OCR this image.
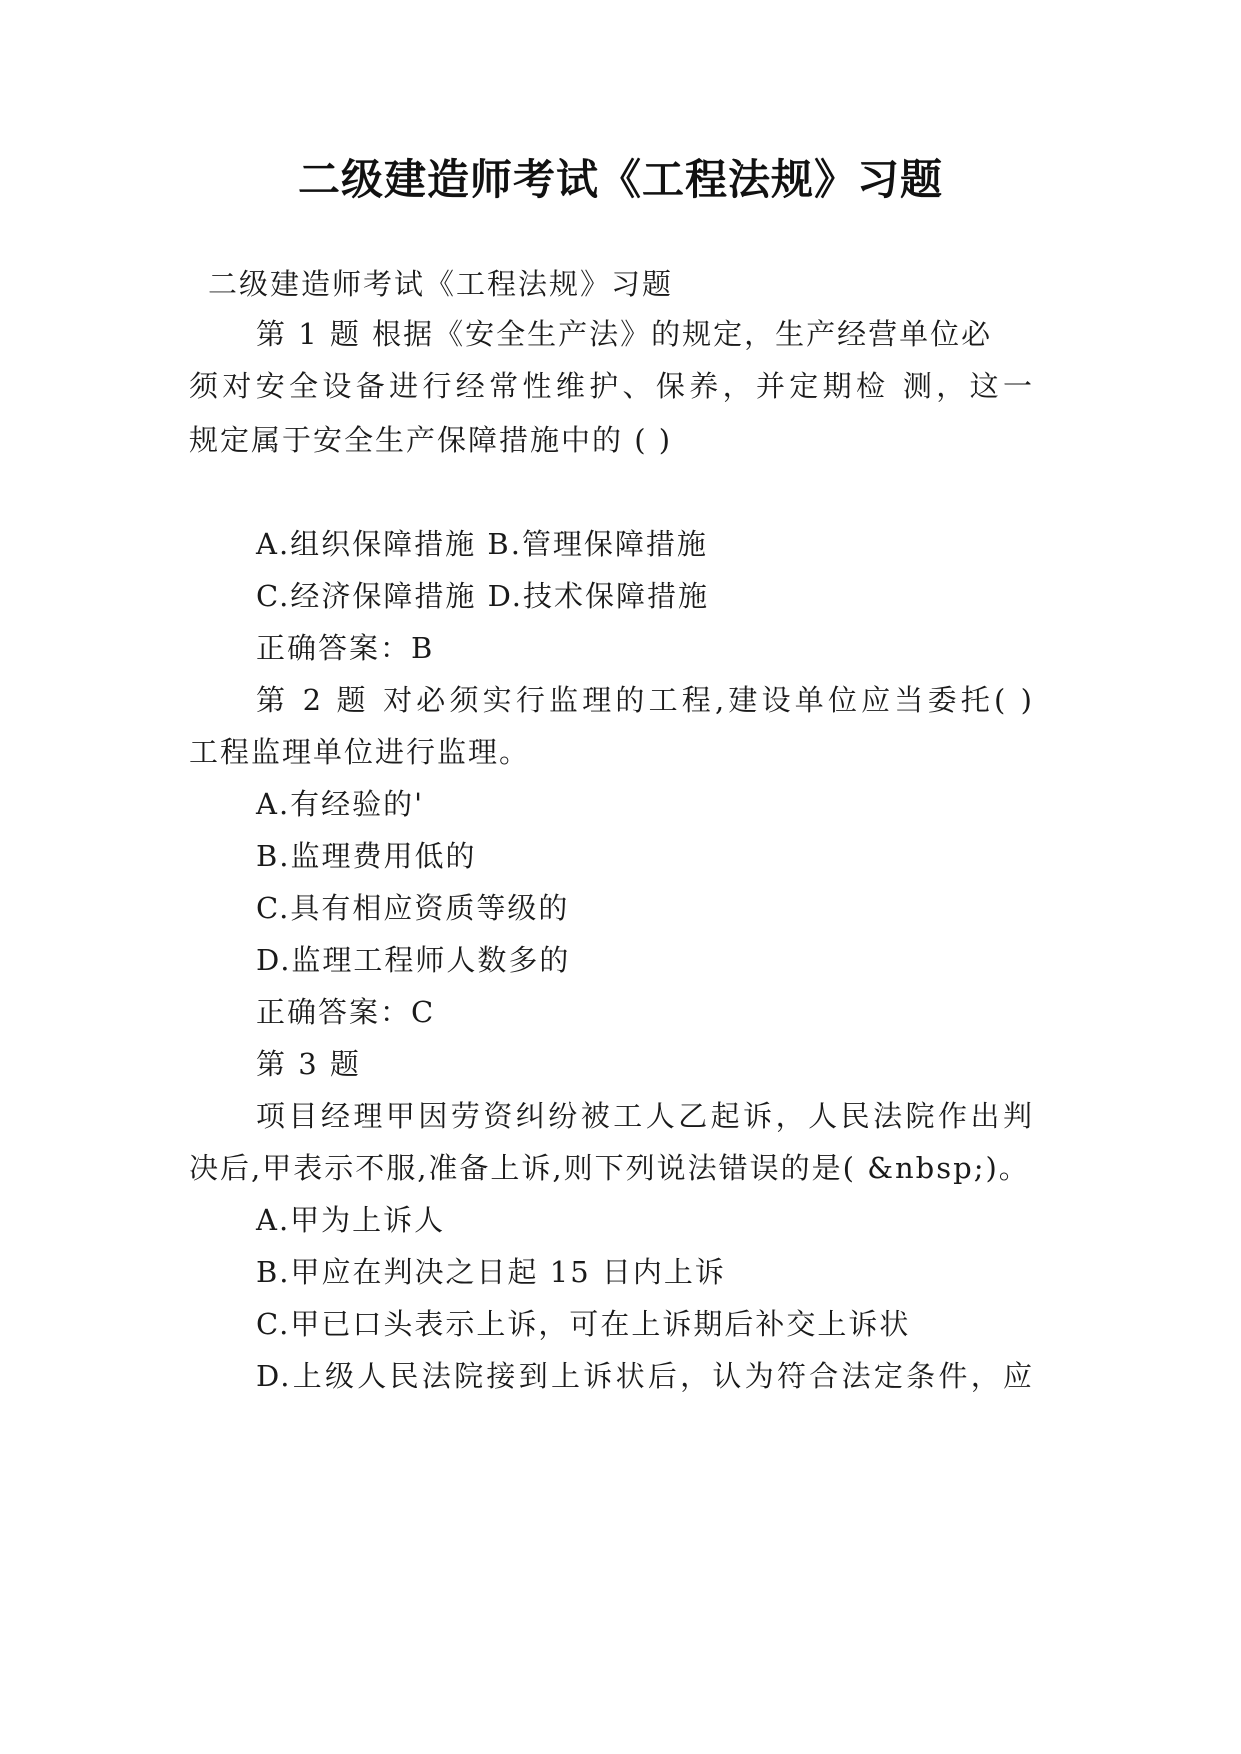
二级建造师考试《工程法规》习题
二级建造师考试《工程法规》习题
第 1 题 根据《安全生产法》的规定，生产经营单位必
须对安全设备进行经常性维护、保养，并定期检 测，这一
规定属于安全生产保障措施中的 ( )
A.组织保障措施 B.管理保障措施
C.经济保障措施 D.技术保障措施
正确答案：B
第 2 题 对必须实行监理的工程,建设单位应当委托( )
工程监理单位进行监理。
A.有经验的'
B.监理费用低的
C.具有相应资质等级的
D.监理工程师人数多的
正确答案：C
第 3 题
项目经理甲因劳资纠纷被工人乙起诉，人民法院作出判
决后,甲表示不服,准备上诉,则下列说法错误的是( &nbsp;)。
A.甲为上诉人
B.甲应在判决之日起 15 日内上诉
C.甲已口头表示上诉，可在上诉期后补交上诉状
D.上级人民法院接到上诉状后，认为符合法定条件，应
